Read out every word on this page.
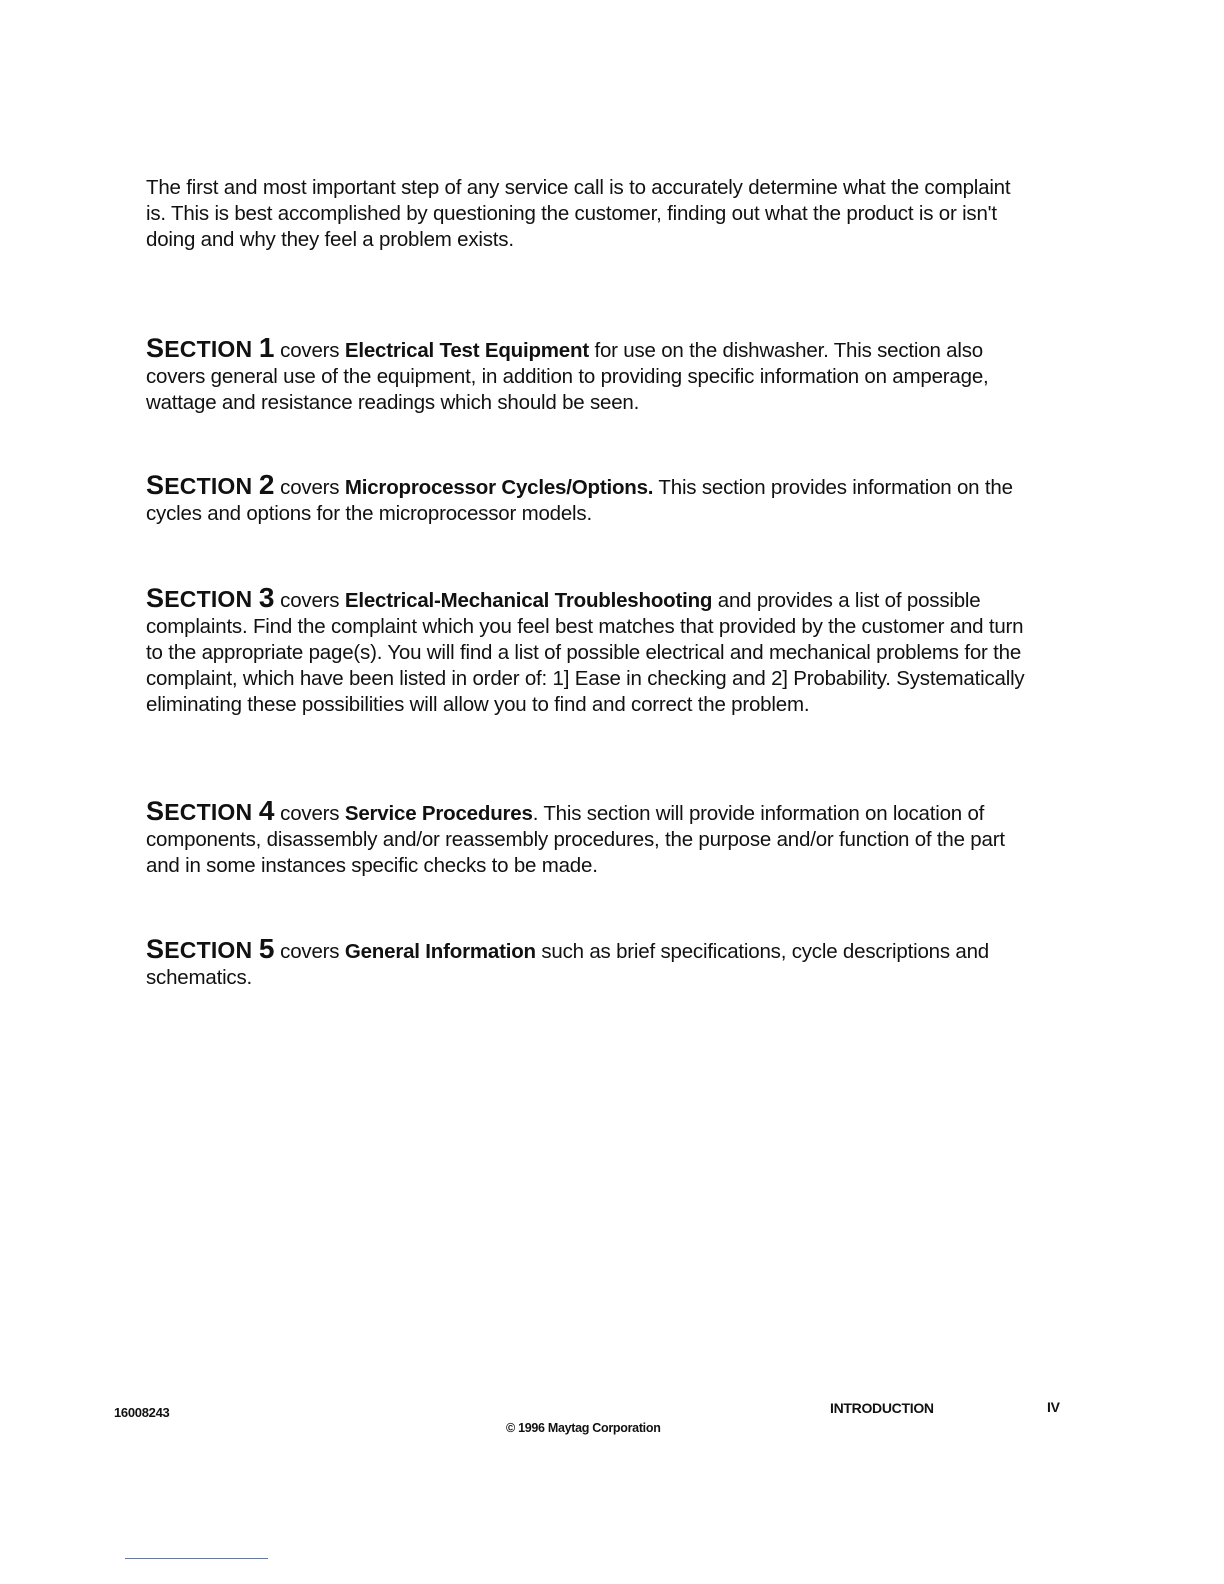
The first and most important step of any service call is to accurately determine what the complaint is. This is best accomplished by questioning the customer, finding out what the product is or isn't doing and why they feel a problem exists.

SECTION 1 covers Electrical Test Equipment for use on the dishwasher. This section also covers general use of the equipment, in addition to providing specific information on amperage, wattage and resistance readings which should be seen.

SECTION 2 covers Microprocessor Cycles/Options. This section provides information on the cycles and options for the microprocessor models.

SECTION 3 covers Electrical-Mechanical Troubleshooting and provides a list of possible complaints. Find the complaint which you feel best matches that provided by the customer and turn to the appropriate page(s). You will find a list of possible electrical and mechanical problems for the complaint, which have been listed in order of: 1] Ease in checking and 2] Probability. Systematically eliminating these possibilities will allow you to find and correct the problem.

SECTION 4 covers Service Procedures. This section will provide information on location of components, disassembly and/or reassembly procedures, the purpose and/or function of the part and in some instances specific checks to be made.

SECTION 5 covers General Information such as brief specifications, cycle descriptions and schematics.

16008243
© 1996 Maytag Corporation
INTRODUCTION	IV
